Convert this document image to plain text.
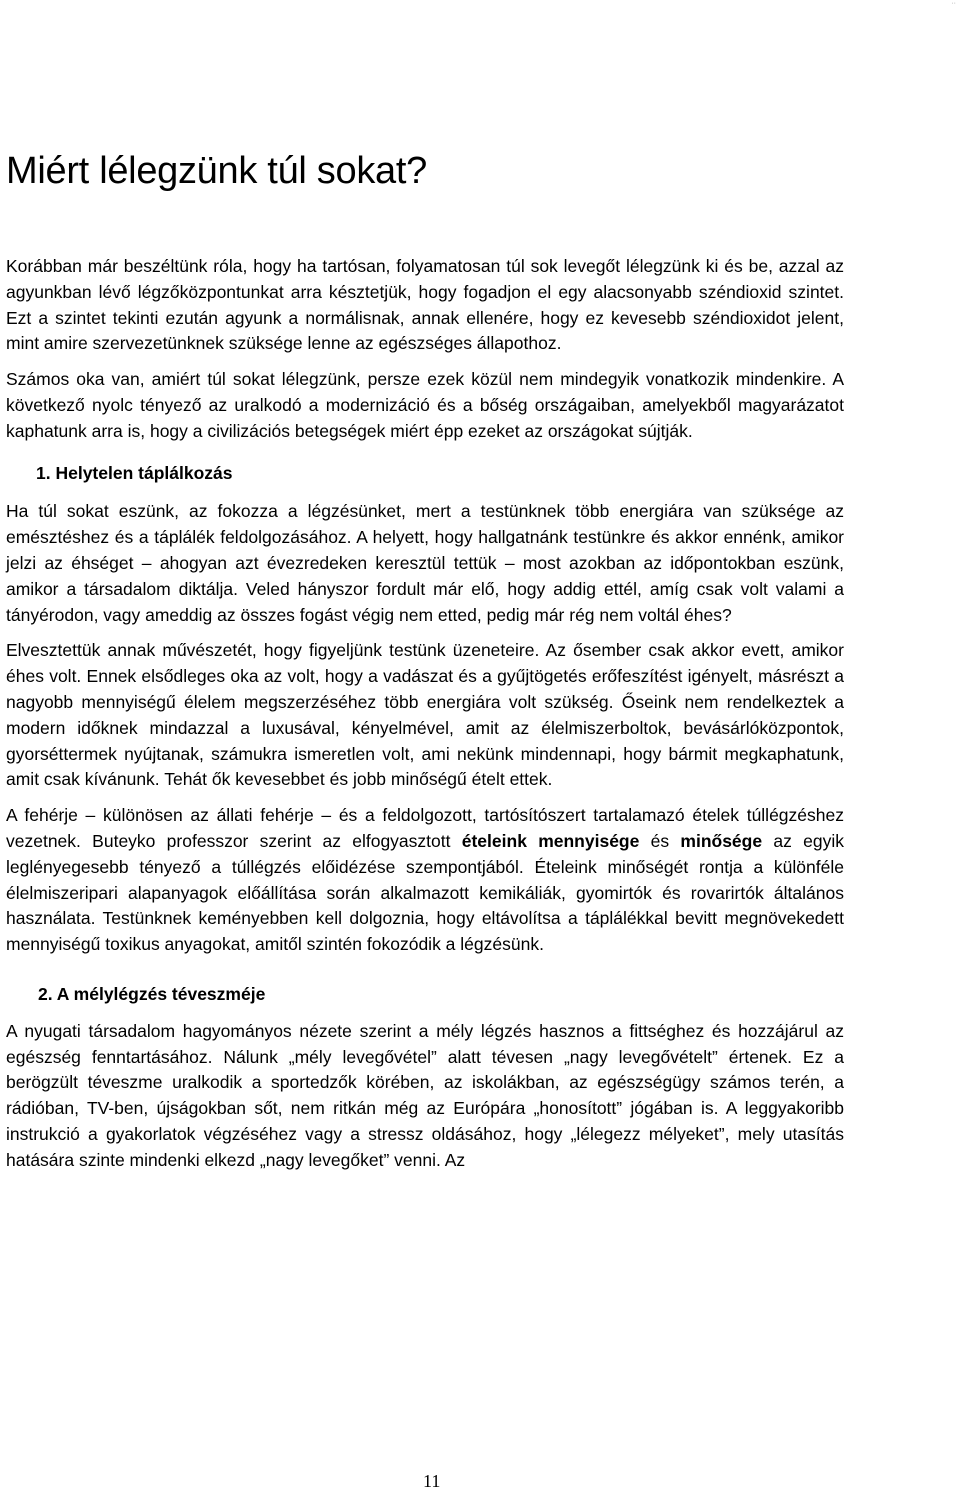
··
Miért lélegzünk túl sokat?

Korábban már beszéltünk róla, hogy ha tartósan, folyamatosan túl sok levegőt lélegzünk ki és be, azzal az agyunkban lévő légzőközpontunkat arra késztetjük, hogy fogadjon el egy alacsonyabb széndioxid szintet. Ezt a szintet tekinti ezután agyunk a normálisnak, annak ellenére, hogy ez kevesebb széndioxidot jelent, mint amire szervezetünknek szüksége lenne az egészséges állapothoz.

Számos oka van, amiért túl sokat lélegzünk, persze ezek közül nem mindegyik vonatkozik mindenkire. A következő nyolc tényező az uralkodó a modernizáció és a bőség országaiban, amelyekből magyarázatot kaphatunk arra is, hogy a civilizációs betegségek miért épp ezeket az országokat sújtják.

1. Helytelen táplálkozás

Ha túl sokat eszünk, az fokozza a légzésünket, mert a testünknek több energiára van szüksége az emésztéshez és a táplálék feldolgozásához. A helyett, hogy hallgatnánk testünkre és akkor ennénk, amikor jelzi az éhséget – ahogyan azt évezredeken keresztül tettük – most azokban az időpontokban eszünk, amikor a társadalom diktálja. Veled hányszor fordult már elő, hogy addig ettél, amíg csak volt valami a tányérodon, vagy ameddig az összes fogást végig nem etted, pedig már rég nem voltál éhes?

Elvesztettük annak művészetét, hogy figyeljünk testünk üzeneteire. Az ősember csak akkor evett, amikor éhes volt. Ennek elsődleges oka az volt, hogy a vadászat és a gyűjtögetés erőfeszítést igényelt, másrészt a nagyobb mennyiségű élelem megszerzéséhez több energiára volt szükség. Őseink nem rendelkeztek a modern időknek mindazzal a luxusával, kényelmével, amit az élelmiszerboltok, bevásárlóközpontok, gyorséttermek nyújtanak, számukra ismeretlen volt, ami nekünk mindennapi, hogy bármit megkaphatunk, amit csak kívánunk. Tehát ők kevesebbet és jobb minőségű ételt ettek.

A fehérje – különösen az állati fehérje – és a feldolgozott, tartósítószert tartalamazó ételek túllégzéshez vezetnek. Buteyko professzor szerint az elfogyasztott ételeink mennyisége és minősége az egyik leglényegesebb tényező a túllégzés előidézése szempontjából. Ételeink minőségét rontja a különféle élelmiszeripari alapanyagok előállítása során alkalmazott kemikáliák, gyomirtók és rovarirtók általános használata. Testünknek keményebben kell dolgoznia, hogy eltávolítsa a táplálékkal bevitt megnövekedett mennyiségű toxikus anyagokat, amitől szintén fokozódik a légzésünk.

2. A mélylégzés téveszméje

A nyugati társadalom hagyományos nézete szerint a mély légzés hasznos a fittséghez és hozzájárul az egészség fenntartásához. Nálunk „mély levegővétel” alatt tévesen „nagy levegővételt” értenek. Ez a berögzült téveszme uralkodik a sportedzők körében, az iskolákban, az egészségügy számos terén, a rádióban, TV-ben, újságokban sőt, nem ritkán még az Európára „honosított” jógában is. A leggyakoribb instrukció a gyakorlatok végzéséhez vagy a stressz oldásához, hogy „lélegezz mélyeket”, mely utasítás hatására szinte mindenki elkezd „nagy levegőket” venni. Az

11
